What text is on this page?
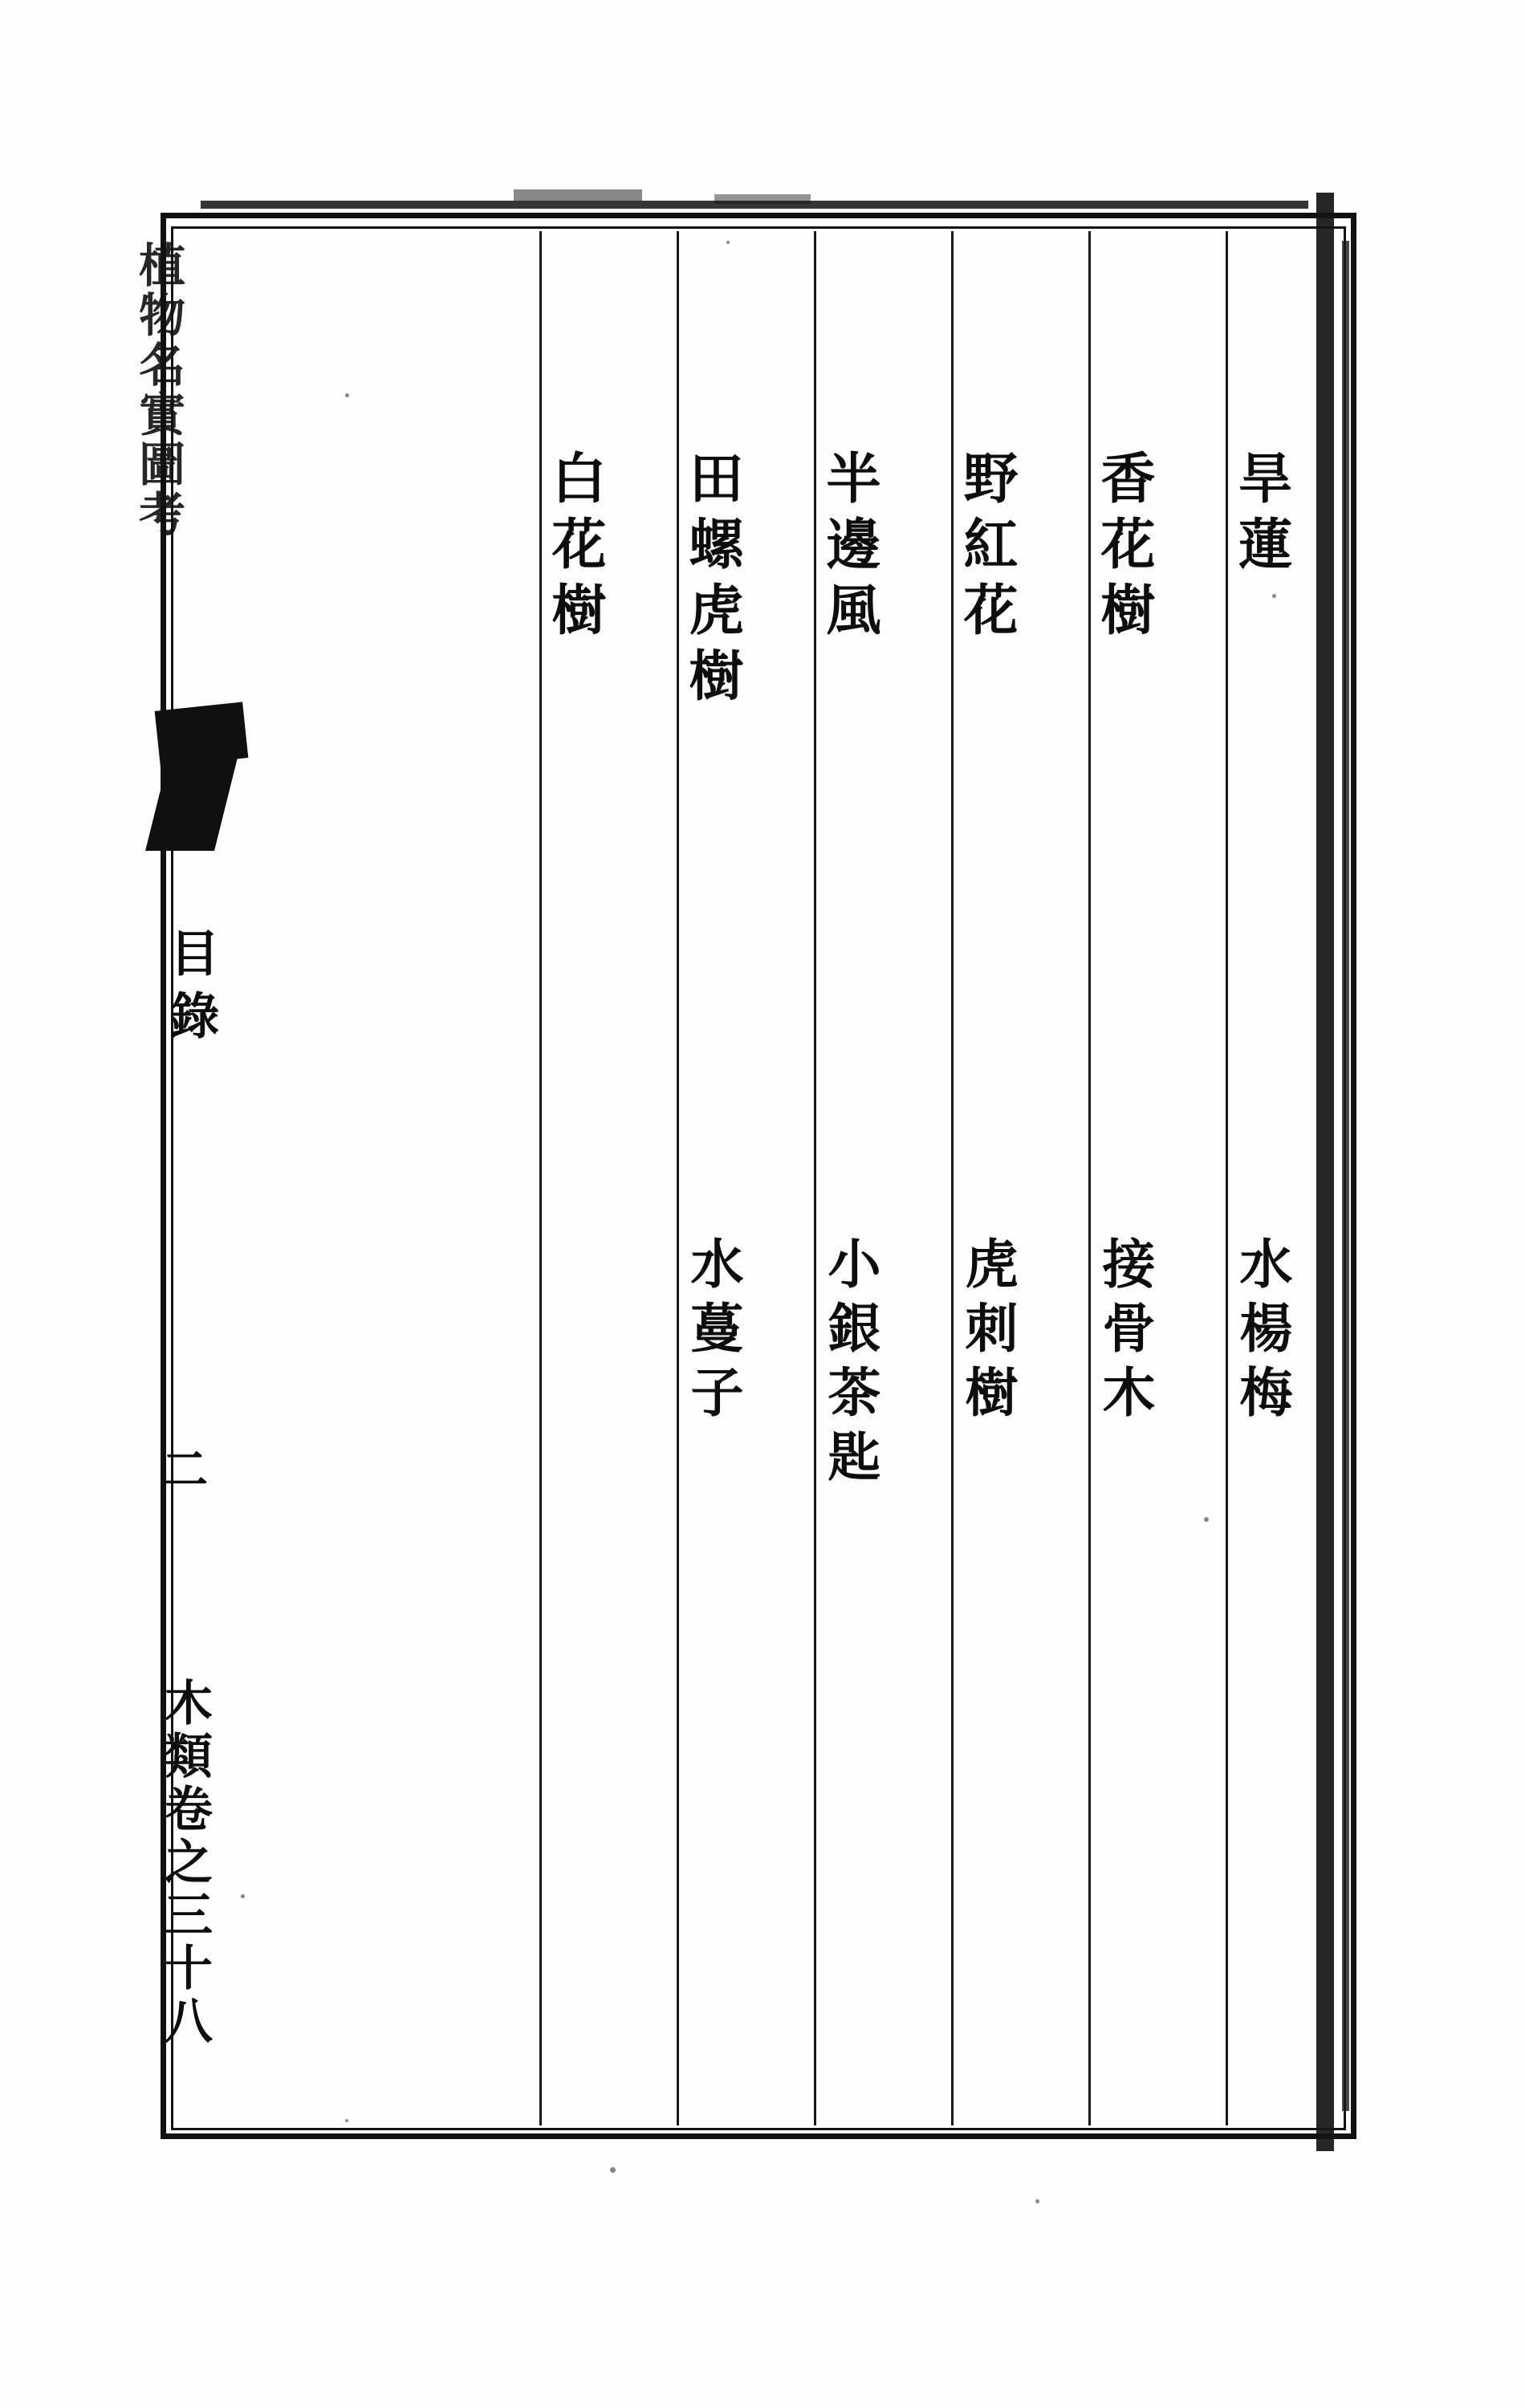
旱蓮
香花樹
野紅花
半邊風
田螺虎樹
白花樹
水楊梅
接骨木
虎刺樹
小銀茶匙
水蔓子
植物名實圖考
目錄
二
木類卷之三十八
